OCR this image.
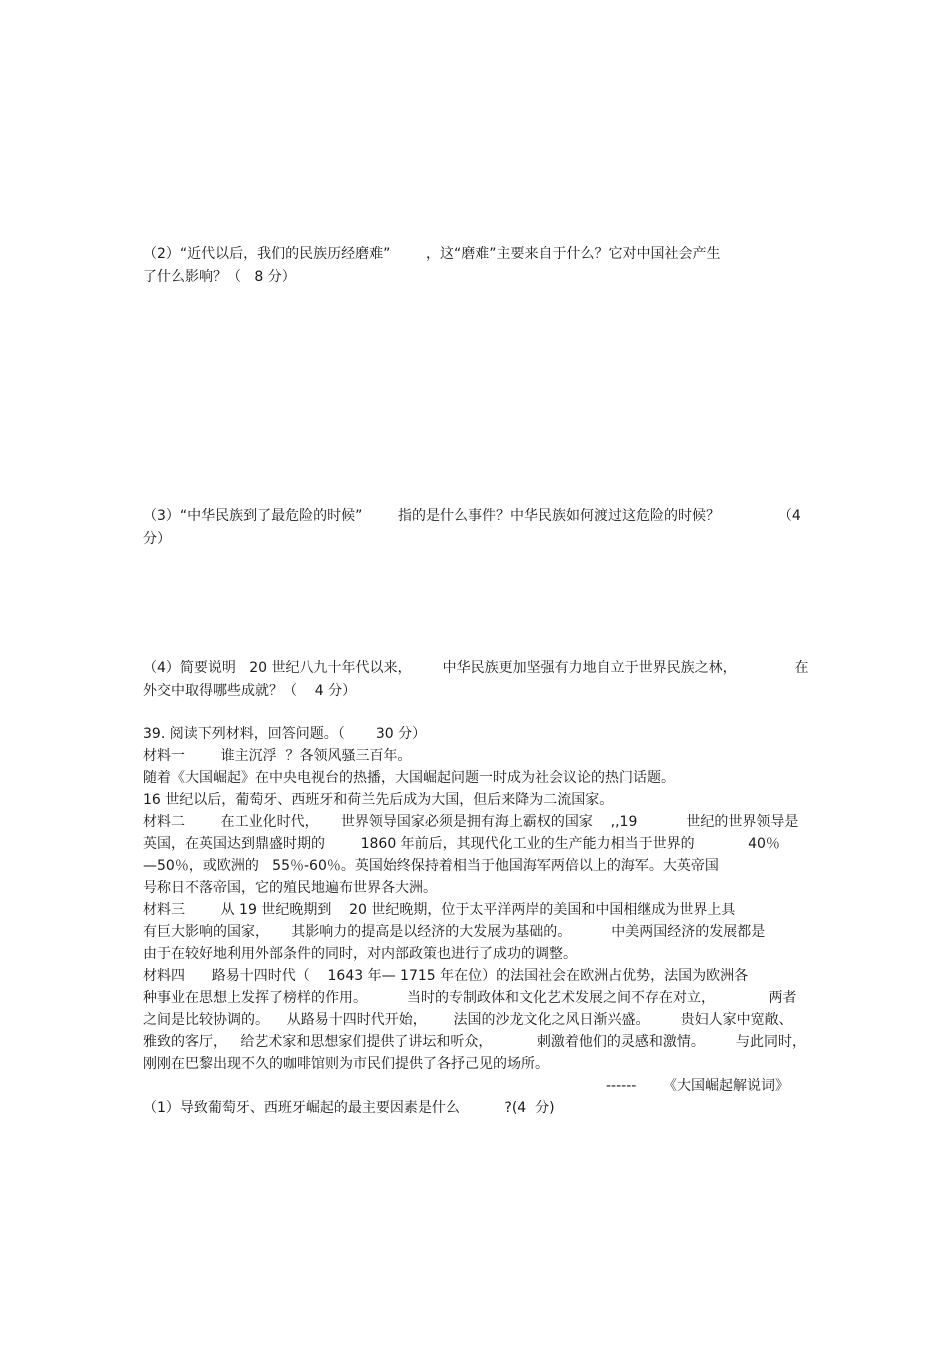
（2）“近代以后，我们的民族历经磨难”        ，这“磨难”主要来自于什么？它对中国社会产生
了什么影响？（   8 分）
（3）“中华民族到了最危险的时候”        指的是什么事件？中华民族如何渡过这危险的时候？             （4
分）
（4）简要说明   20 世纪八九十年代以来，       中华民族更加坚强有力地自立于世界民族之林，             在
外交中取得哪些成就？（    4 分）
39. 阅读下列材料，回答问题。（       30 分）
材料一        谁主沉浮  ？各领风骚三百年。
随着《大国崛起》在中央电视台的热播，大国崛起问题一时成为社会议论的热门话题。
16 世纪以后，葡萄牙、西班牙和荷兰先后成为大国，但后来降为二流国家。
材料二        在工业化时代，     世界领导国家必须是拥有海上霸权的国家    ,,19           世纪的世界领导是
英国，在英国达到鼎盛时期的        1860 年前后，其现代化工业的生产能力相当于世界的            40％
—50％，或欧洲的   55％-60％。英国始终保持着相当于他国海军两倍以上的海军。大英帝国
号称日不落帝国，它的殖民地遍布世界各大洲。
材料三        从 19 世纪晚期到    20 世纪晚期，位于太平洋两岸的美国和中国相继成为世界上具
有巨大影响的国家，     其影响力的提高是以经济的大发展为基础的。         中美两国经济的发展都是
由于在较好地利用外部条件的同时，对内部政策也进行了成功的调整。
材料四      路易十四时代（    1643 年— 1715 年在位）的法国社会在欧洲占优势，法国为欧洲各
种事业在思想上发挥了榜样的作用。         当时的专制政体和文化艺术发展之间不存在对立，            两者
之间是比较协调的。    从路易十四时代开始，      法国的沙龙文化之风日渐兴盛。       贵妇人家中宽敞、
雅致的客厅，   给艺术家和思想家们提供了讲坛和听众，          刺激着他们的灵感和激情。       与此同时，
刚刚在巴黎出现不久的咖啡馆则为市民们提供了各抒己见的场所。
------      《大国崛起解说词》
（1）导致葡萄牙、西班牙崛起的最主要因素是什么          ?(4  分)
